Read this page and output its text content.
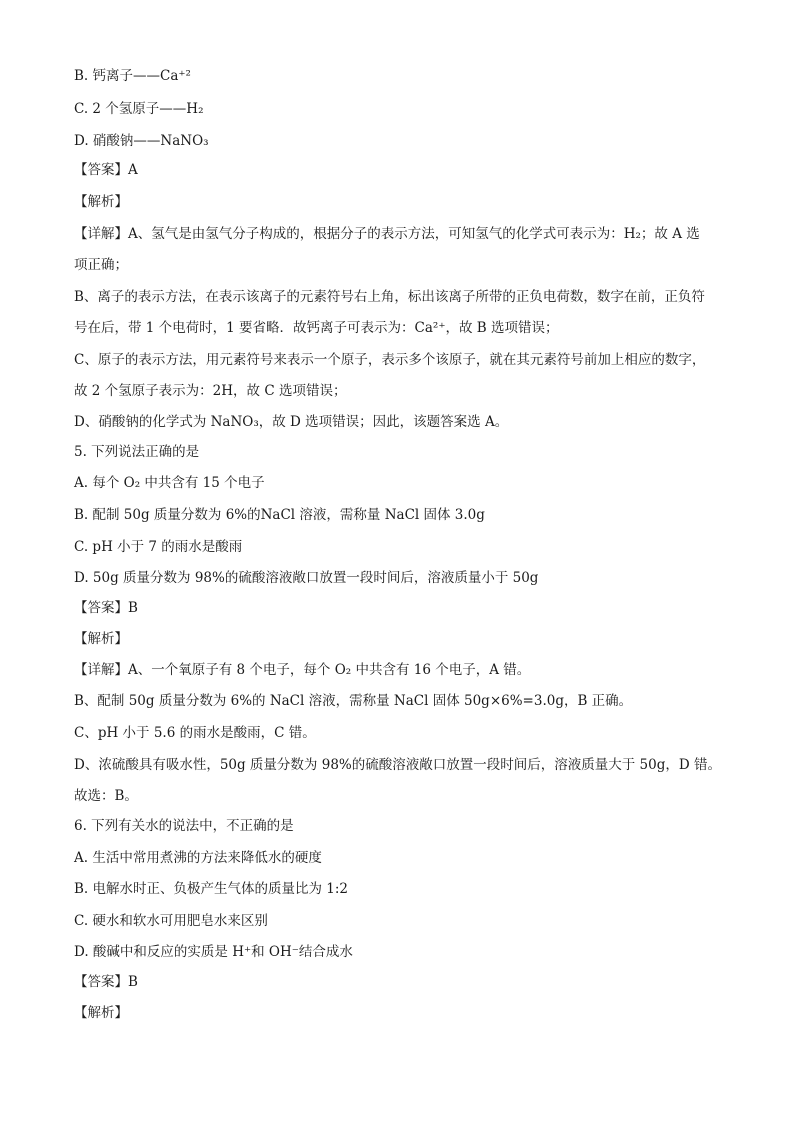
B. 钙离子——Ca⁺²
C. 2 个氢原子——H₂
D. 硝酸钠——NaNO₃
【答案】A
【解析】
【详解】A、氢气是由氢气分子构成的，根据分子的表示方法，可知氢气的化学式可表示为：H₂；故 A 选
项正确；
B、离子的表示方法，在表示该离子的元素符号右上角，标出该离子所带的正负电荷数，数字在前，正负符
号在后，带 1 个电荷时，1 要省略．故钙离子可表示为：Ca²⁺，故 B 选项错误；
C、原子的表示方法，用元素符号来表示一个原子，表示多个该原子，就在其元素符号前加上相应的数字，
故 2 个氢原子表示为：2H，故 C 选项错误；
D、硝酸钠的化学式为 NaNO₃，故 D 选项错误；因此，该题答案选 A。
5. 下列说法正确的是
A. 每个 O₂ 中共含有 15 个电子
B. 配制 50g 质量分数为 6%的NaCl 溶液，需称量 NaCl 固体 3.0g
C. pH 小于 7 的雨水是酸雨
D. 50g 质量分数为 98%的硫酸溶液敞口放置一段时间后，溶液质量小于 50g
【答案】B
【解析】
【详解】A、一个氧原子有 8 个电子，每个 O₂ 中共含有 16 个电子，A 错。
B、配制 50g 质量分数为 6%的 NaCl 溶液，需称量 NaCl 固体 50g×6%=3.0g，B 正确。
C、pH 小于 5.6 的雨水是酸雨，C 错。
D、浓硫酸具有吸水性，50g 质量分数为 98%的硫酸溶液敞口放置一段时间后，溶液质量大于 50g，D 错。
故选：B。
6. 下列有关水的说法中，不正确的是
A. 生活中常用煮沸的方法来降低水的硬度
B. 电解水时正、负极产生气体的质量比为 1:2
C. 硬水和软水可用肥皂水来区别
D. 酸碱中和反应的实质是 H⁺和 OH⁻结合成水
【答案】B
【解析】
